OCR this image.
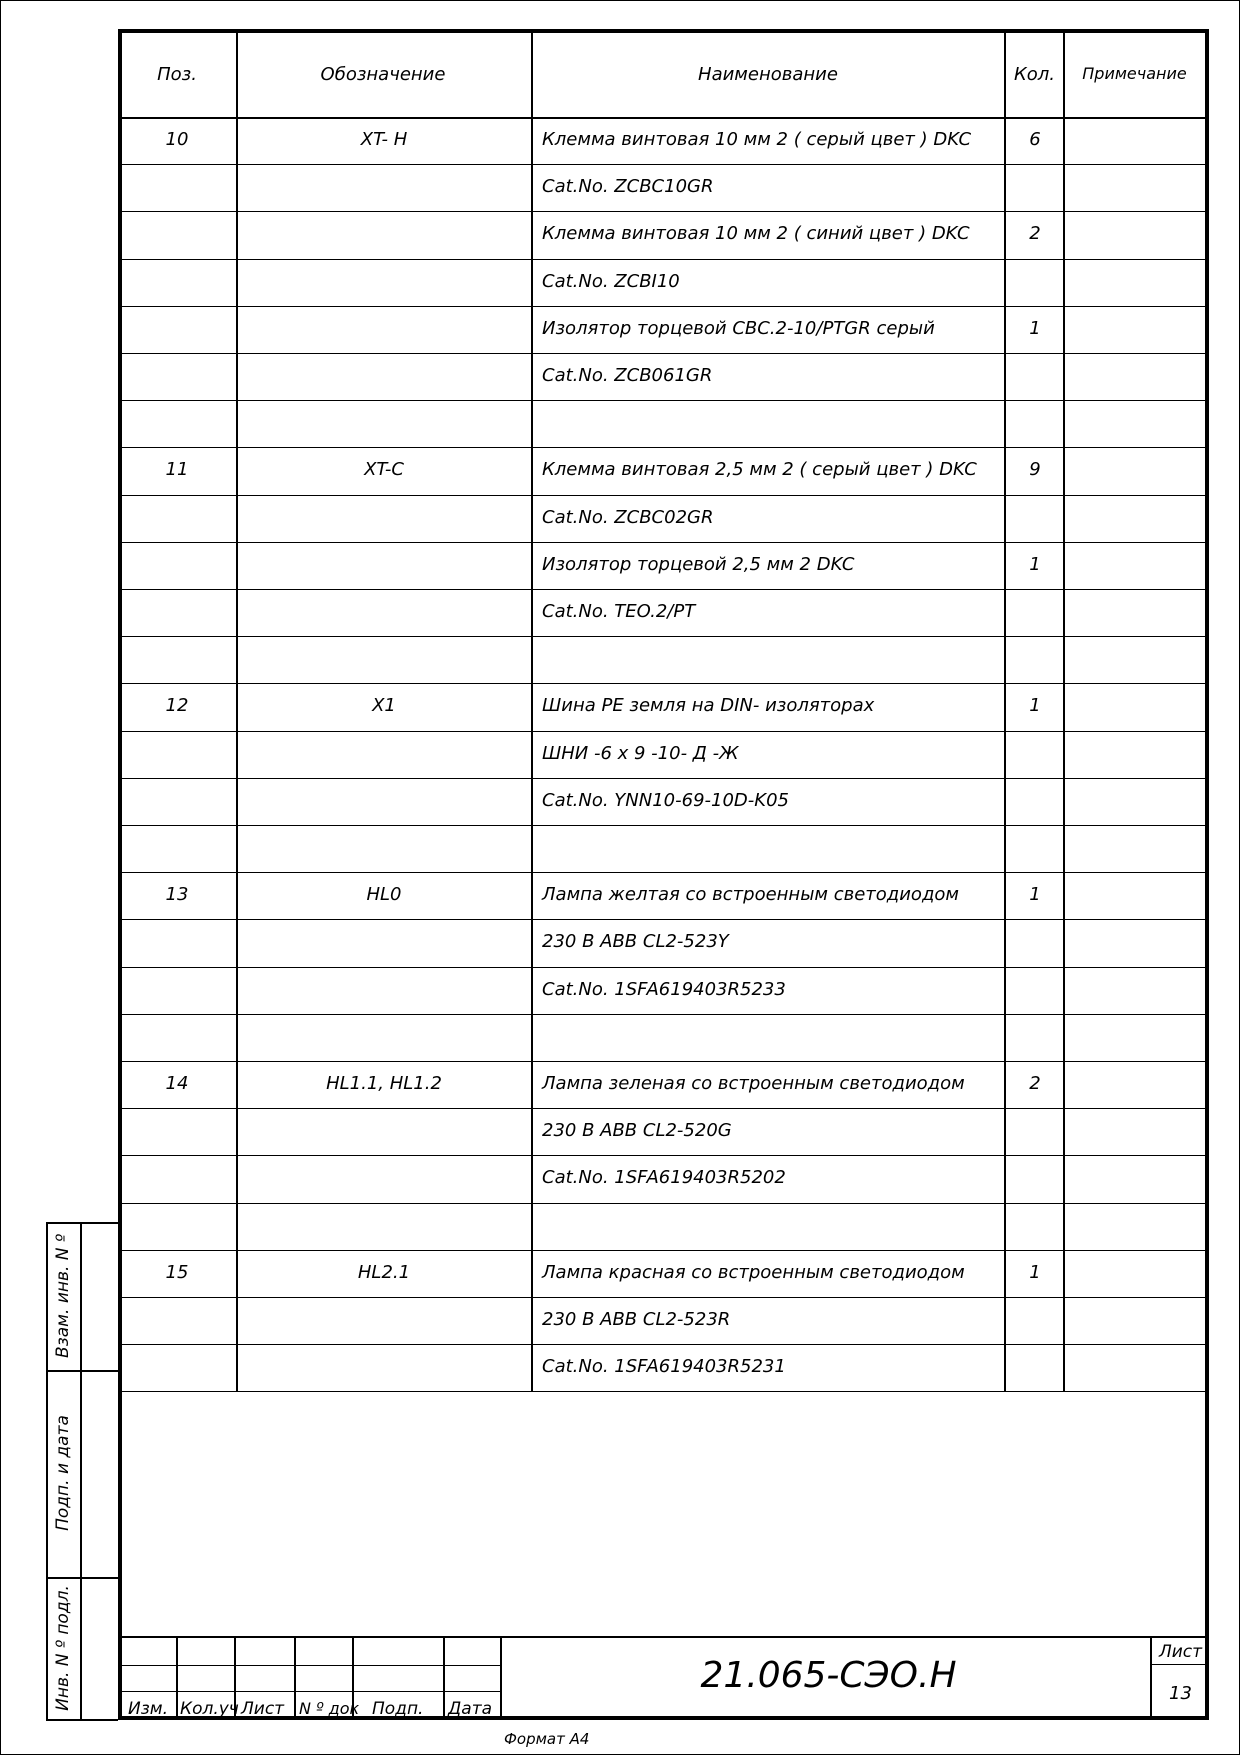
Поз.	Обозначение	Наименование	Кол.	Примечание
10	XT- H	Клемма винтовая 10 мм 2 ( серый цвет ) DKC	6
Cat.No. ZCBC10GR
Клемма винтовая 10 мм 2 ( синий цвет ) DKC	2
Cat.No. ZCBI10
Изолятор торцевой CBC.2-10/PTGR серый	1
Cat.No. ZCB061GR
11	XT-C	Клемма винтовая 2,5 мм 2 ( серый цвет ) DKC	9
Cat.No. ZCBC02GR
Изолятор торцевой 2,5 мм 2 DKC	1
Cat.No. TEO.2/PT
12	X1	Шина PE земля на DIN- изоляторах	1
ШНИ -6 x 9 -10- Д -Ж
Cat.No. YNN10-69-10D-K05
13	HL0	Лампа желтая со встроенным светодиодом	1
230 В ABB CL2-523Y
Cat.No. 1SFA619403R5233
14	HL1.1, HL1.2	Лампа зеленая со встроенным светодиодом	2
230 В ABB CL2-520G
Cat.No. 1SFA619403R5202
15	HL2.1	Лампа красная со встроенным светодиодом	1
230 В ABB CL2-523R
Cat.No. 1SFA619403R5231
Взам. инв. N º
Подп. и дата
Инв. N º подл.	Изм. Кол.уч Лист N º док Подп. Дата
21.065-СЭО.Н
Лист
13
Формат А4
